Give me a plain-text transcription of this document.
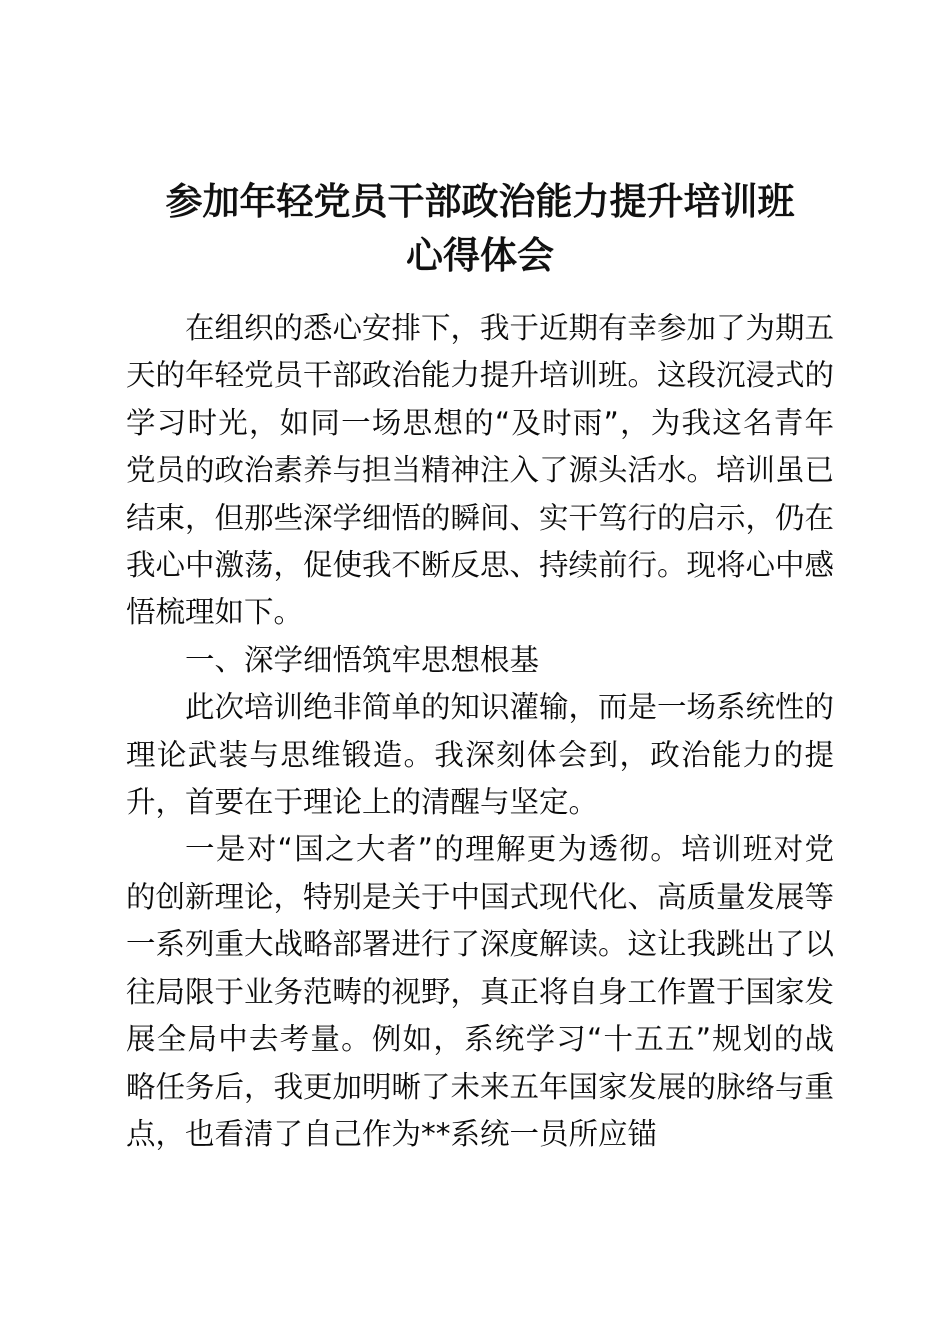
参加年轻党员干部政治能力提升培训班
心得体会

在组织的悉心安排下，我于近期有幸参加了为期五天的年轻党员干部政治能力提升培训班。这段沉浸式的学习时光，如同一场思想的“及时雨”，为我这名青年党员的政治素养与担当精神注入了源头活水。培训虽已结束，但那些深学细悟的瞬间、实干笃行的启示，仍在我心中激荡，促使我不断反思、持续前行。现将心中感悟梳理如下。

一、深学细悟筑牢思想根基

此次培训绝非简单的知识灌输，而是一场系统性的理论武装与思维锻造。我深刻体会到，政治能力的提升，首要在于理论上的清醒与坚定。

一是对“国之大者”的理解更为透彻。培训班对党的创新理论，特别是关于中国式现代化、高质量发展等一系列重大战略部署进行了深度解读。这让我跳出了以往局限于业务范畴的视野，真正将自身工作置于国家发展全局中去考量。例如，系统学习“十五五”规划的战略任务后，我更加明晰了未来五年国家发展的脉络与重点，也看清了自己作为**系统一员所应锚
